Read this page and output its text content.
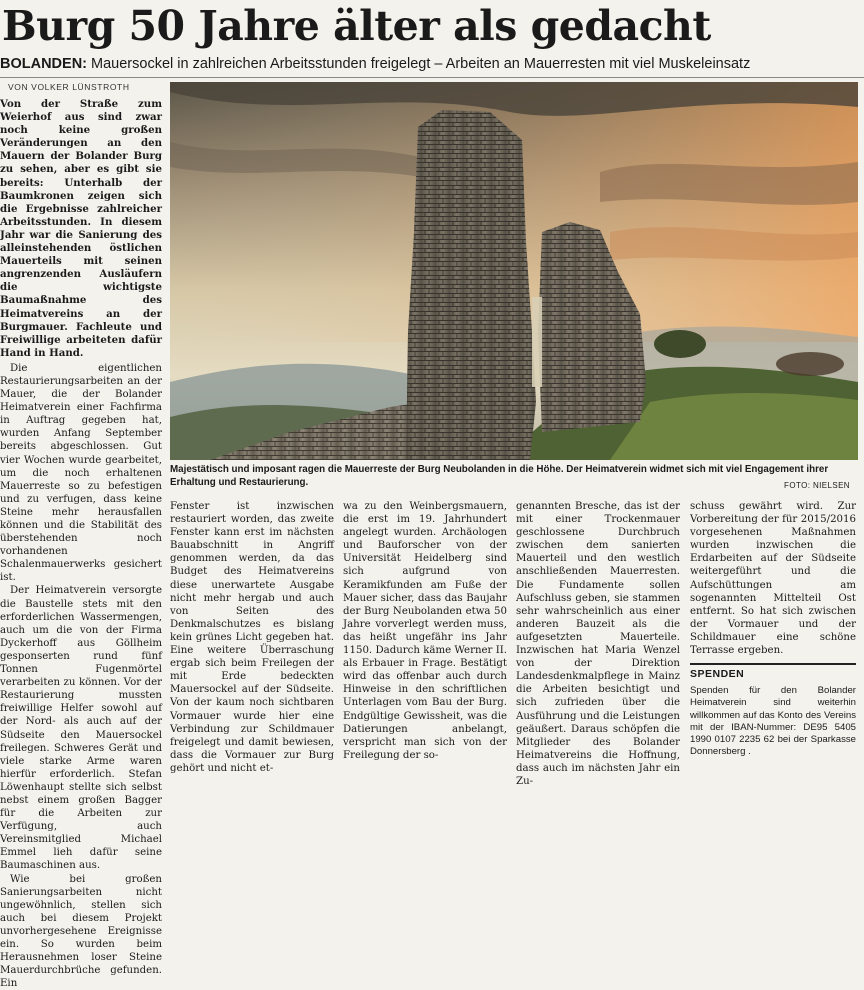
Burg 50 Jahre älter als gedacht
BOLANDEN: Mauersockel in zahlreichen Arbeitsstunden freigelegt – Arbeiten an Mauerresten mit viel Muskeleinsatz
VON VOLKER LÜNSTROTH

Von der Straße zum Weierhof aus sind zwar noch keine großen Veränderungen an den Mauern der Bolander Burg zu sehen, aber es gibt sie bereits: Unterhalb der Baumkronen zeigen sich die Ergebnisse zahlreicher Arbeitsstunden. In diesem Jahr war die Sanierung des alleinstehenden östlichen Mauerteils mit seinen angrenzenden Ausläufern die wichtigste Baumaßnahme des Heimatvereins an der Burgmauer. Fachleute und Freiwillige arbeiteten dafür Hand in Hand.

Die eigentlichen Restaurierungsarbeiten an der Mauer, die der Bolander Heimatverein einer Fachfirma in Auftrag gegeben hat, wurden Anfang September bereits abgeschlossen. Gut vier Wochen wurde gearbeitet, um die noch erhaltenen Mauerreste so zu befestigen und zu verfugen, dass keine Steine mehr herausfallen können und die Stabilität des überstehenden noch vorhandenen Schalenmauerwerks gesichert ist.

Der Heimatverein versorgte die Baustelle stets mit den erforderlichen Wassermengen, auch um die von der Firma Dyckerhoff aus Göllheim gesponserten rund fünf Tonnen Fugenmörtel verarbeiten zu können. Vor der Restaurierung mussten freiwillige Helfer sowohl auf der Nord- als auch auf der Südseite den Mauersockel freilegen. Schweres Gerät und viele starke Arme waren hierfür erforderlich. Stefan Löwenhaupt stellte sich selbst nebst einem großen Bagger für die Arbeiten zur Verfügung, auch Vereinsmitglied Michael Emmel lieh dafür seine Baumaschinen aus.

Wie bei großen Sanierungsarbeiten nicht ungewöhnlich, stellen sich auch bei diesem Projekt unvorhergesehene Ereignisse ein. So wurden beim Herausnehmen loser Steine Mauerdurchbrüche gefunden. Ein

Majestätisch und imposant ragen die Mauerreste der Burg Neubolanden in die Höhe. Der Heimatverein widmet sich mit viel Engagement ihrer Erhaltung und Restaurierung.	FOTO: NIELSEN

Fenster ist inzwischen restauriert worden, das zweite Fenster kann erst im nächsten Bauabschnitt in Angriff genommen werden, da das Budget des Heimatvereins diese unerwartete Ausgabe nicht mehr hergab und auch von Seiten des Denkmalschutzes es bislang kein grünes Licht gegeben hat. Eine weitere Überraschung ergab sich beim Freilegen der mit Erde bedeckten Mauersockel auf der Südseite. Von der kaum noch sichtbaren Vormauer wurde hier eine Verbindung zur Schildmauer freigelegt und damit bewiesen, dass die Vormauer zur Burg gehört und nicht et-

wa zu den Weinbergsmauern, die erst im 19. Jahrhundert angelegt wurden. Archäologen und Bauforscher von der Universität Heidelberg sind sich aufgrund von Keramikfunden am Fuße der Mauer sicher, dass das Baujahr der Burg Neubolanden etwa 50 Jahre vorverlegt werden muss, das heißt ungefähr ins Jahr 1150. Dadurch käme Werner II. als Erbauer in Frage. Bestätigt wird das offenbar auch durch Hinweise in den schriftlichen Unterlagen vom Bau der Burg. Endgültige Gewissheit, was die Datierungen anbelangt, verspricht man sich von der Freilegung der so-

genannten Bresche, das ist der mit einer Trockenmauer geschlossene Durchbruch zwischen dem sanierten Mauerteil und den westlich anschließenden Mauerresten. Die Fundamente sollen Aufschluss geben, sie stammen sehr wahrscheinlich aus einer anderen Bauzeit als die aufgesetzten Mauerteile. Inzwischen hat Maria Wenzel von der Direktion Landesdenkmalpflege in Mainz die Arbeiten besichtigt und sich zufrieden über die Ausführung und die Leistungen geäußert. Daraus schöpfen die Mitglieder des Bolander Heimatvereins die Hoffnung, dass auch im nächsten Jahr ein Zu-

schuss gewährt wird. Zur Vorbereitung der für 2015/2016 vorgesehenen Maßnahmen wurden inzwischen die Erdarbeiten auf der Südseite weitergeführt und die Aufschüttungen am sogenannten Mittelteil Ost entfernt. So hat sich zwischen der Vormauer und der Schildmauer eine schöne Terrasse ergeben.

SPENDEN
Spenden für den Bolander Heimatverein sind weiterhin willkommen auf das Konto des Vereins mit der IBAN-Nummer: DE95 5405 1990 0107 2235 62 bei der Sparkasse Donnersberg .
